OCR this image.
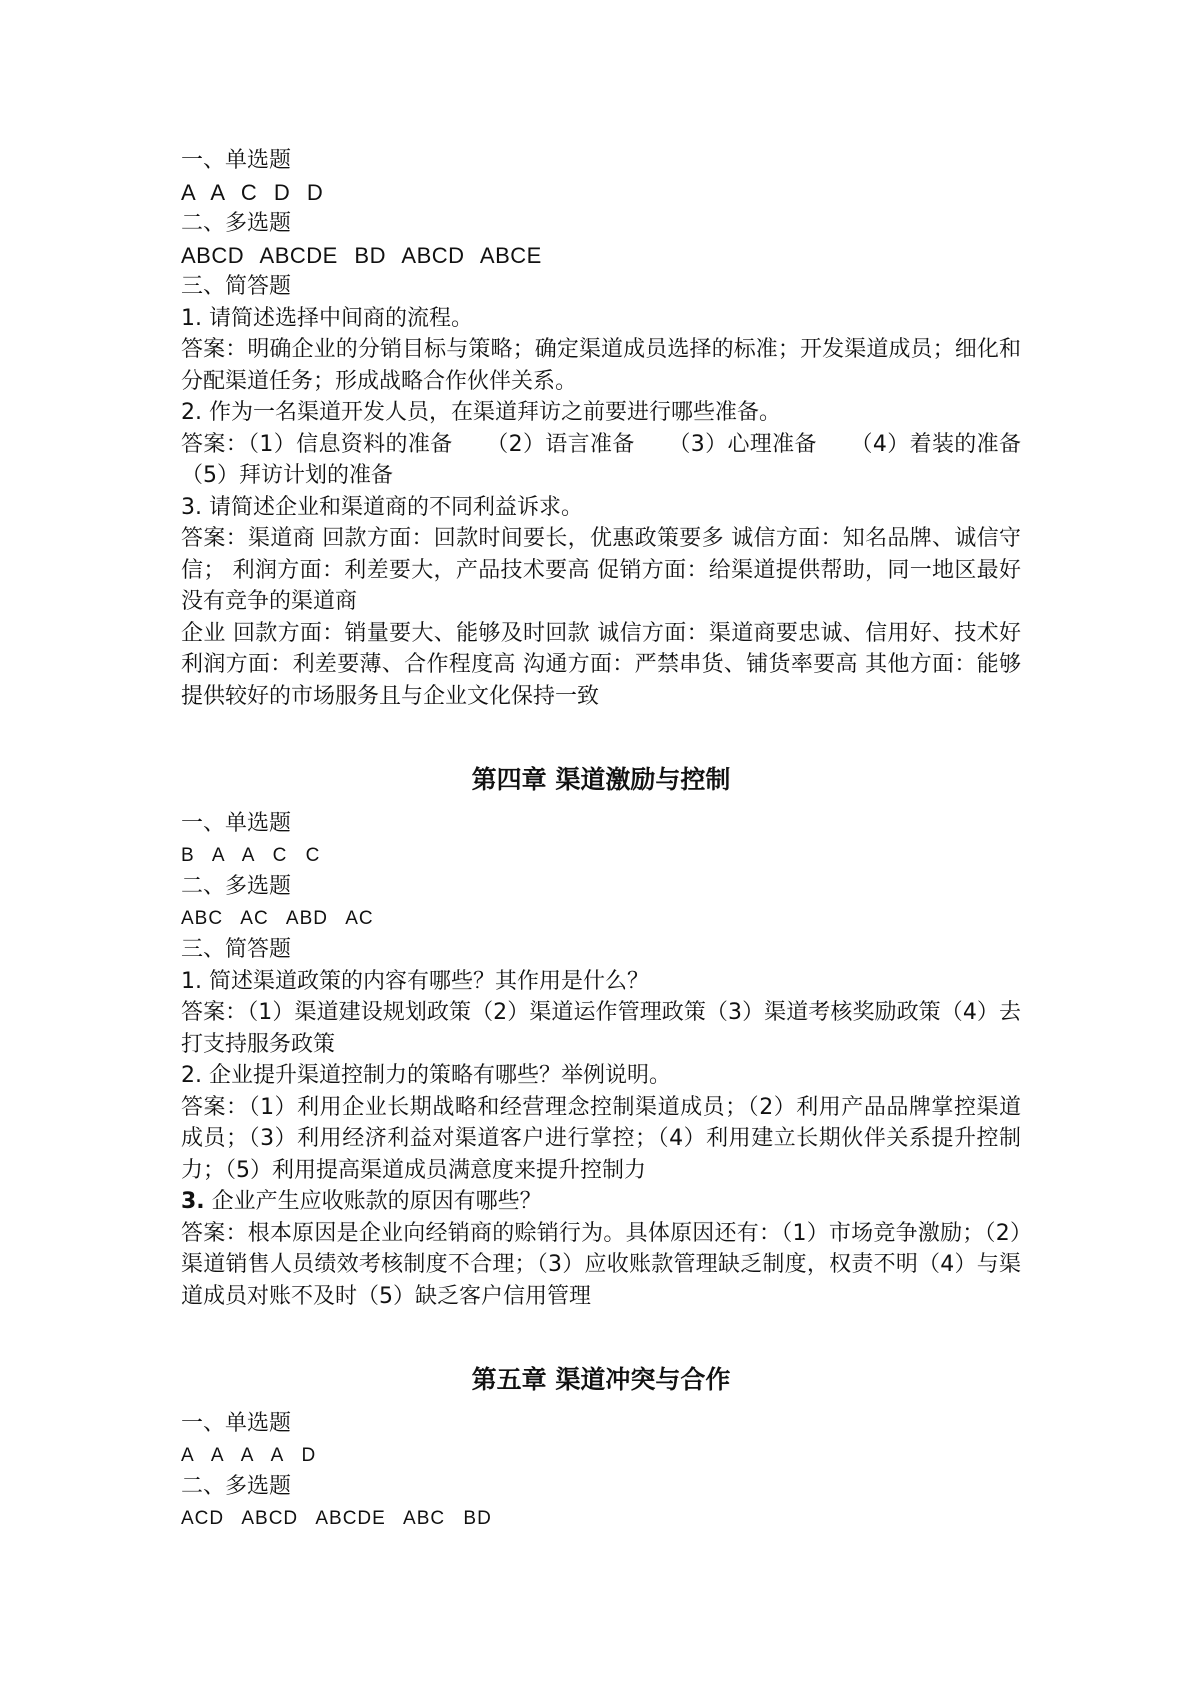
一、单选题
A A C D D
二、多选题
ABCD ABCDE BD ABCD ABCE
三、简答题
1. 请简述选择中间商的流程。
答案：明确企业的分销目标与策略；确定渠道成员选择的标准；开发渠道成员；细化和分配渠道任务；形成战略合作伙伴关系。
2. 作为一名渠道开发人员，在渠道拜访之前要进行哪些准备。
答案：（1）信息资料的准备　　（2）语言准备　　（3）心理准备　　（4）着装的准备　　（5）拜访计划的准备
3. 请简述企业和渠道商的不同利益诉求。
答案：渠道商 回款方面：回款时间要长，优惠政策要多 诚信方面：知名品牌、诚信守信； 利润方面：利差要大，产品技术要高 促销方面：给渠道提供帮助，同一地区最好没有竞争的渠道商
企业 回款方面：销量要大、能够及时回款 诚信方面：渠道商要忠诚、信用好、技术好 利润方面：利差要薄、合作程度高 沟通方面：严禁串货、铺货率要高 其他方面：能够提供较好的市场服务且与企业文化保持一致
第四章 渠道激励与控制
一、单选题
B A A C C
二、多选题
ABC AC ABD AC
三、简答题
1. 简述渠道政策的内容有哪些？其作用是什么？
答案：（1）渠道建设规划政策（2）渠道运作管理政策（3）渠道考核奖励政策（4）去打支持服务政策
2. 企业提升渠道控制力的策略有哪些？举例说明。
答案：（1）利用企业长期战略和经营理念控制渠道成员；（2）利用产品品牌掌控渠道成员；（3）利用经济利益对渠道客户进行掌控；（4）利用建立长期伙伴关系提升控制力；（5）利用提高渠道成员满意度来提升控制力
3. 企业产生应收账款的原因有哪些？
答案：根本原因是企业向经销商的赊销行为。具体原因还有：（1）市场竞争激励；（2）渠道销售人员绩效考核制度不合理；（3）应收账款管理缺乏制度，权责不明（4）与渠道成员对账不及时（5）缺乏客户信用管理
第五章 渠道冲突与合作
一、单选题
A A A A D
二、多选题
ACD ABCD ABCDE ABC BD
